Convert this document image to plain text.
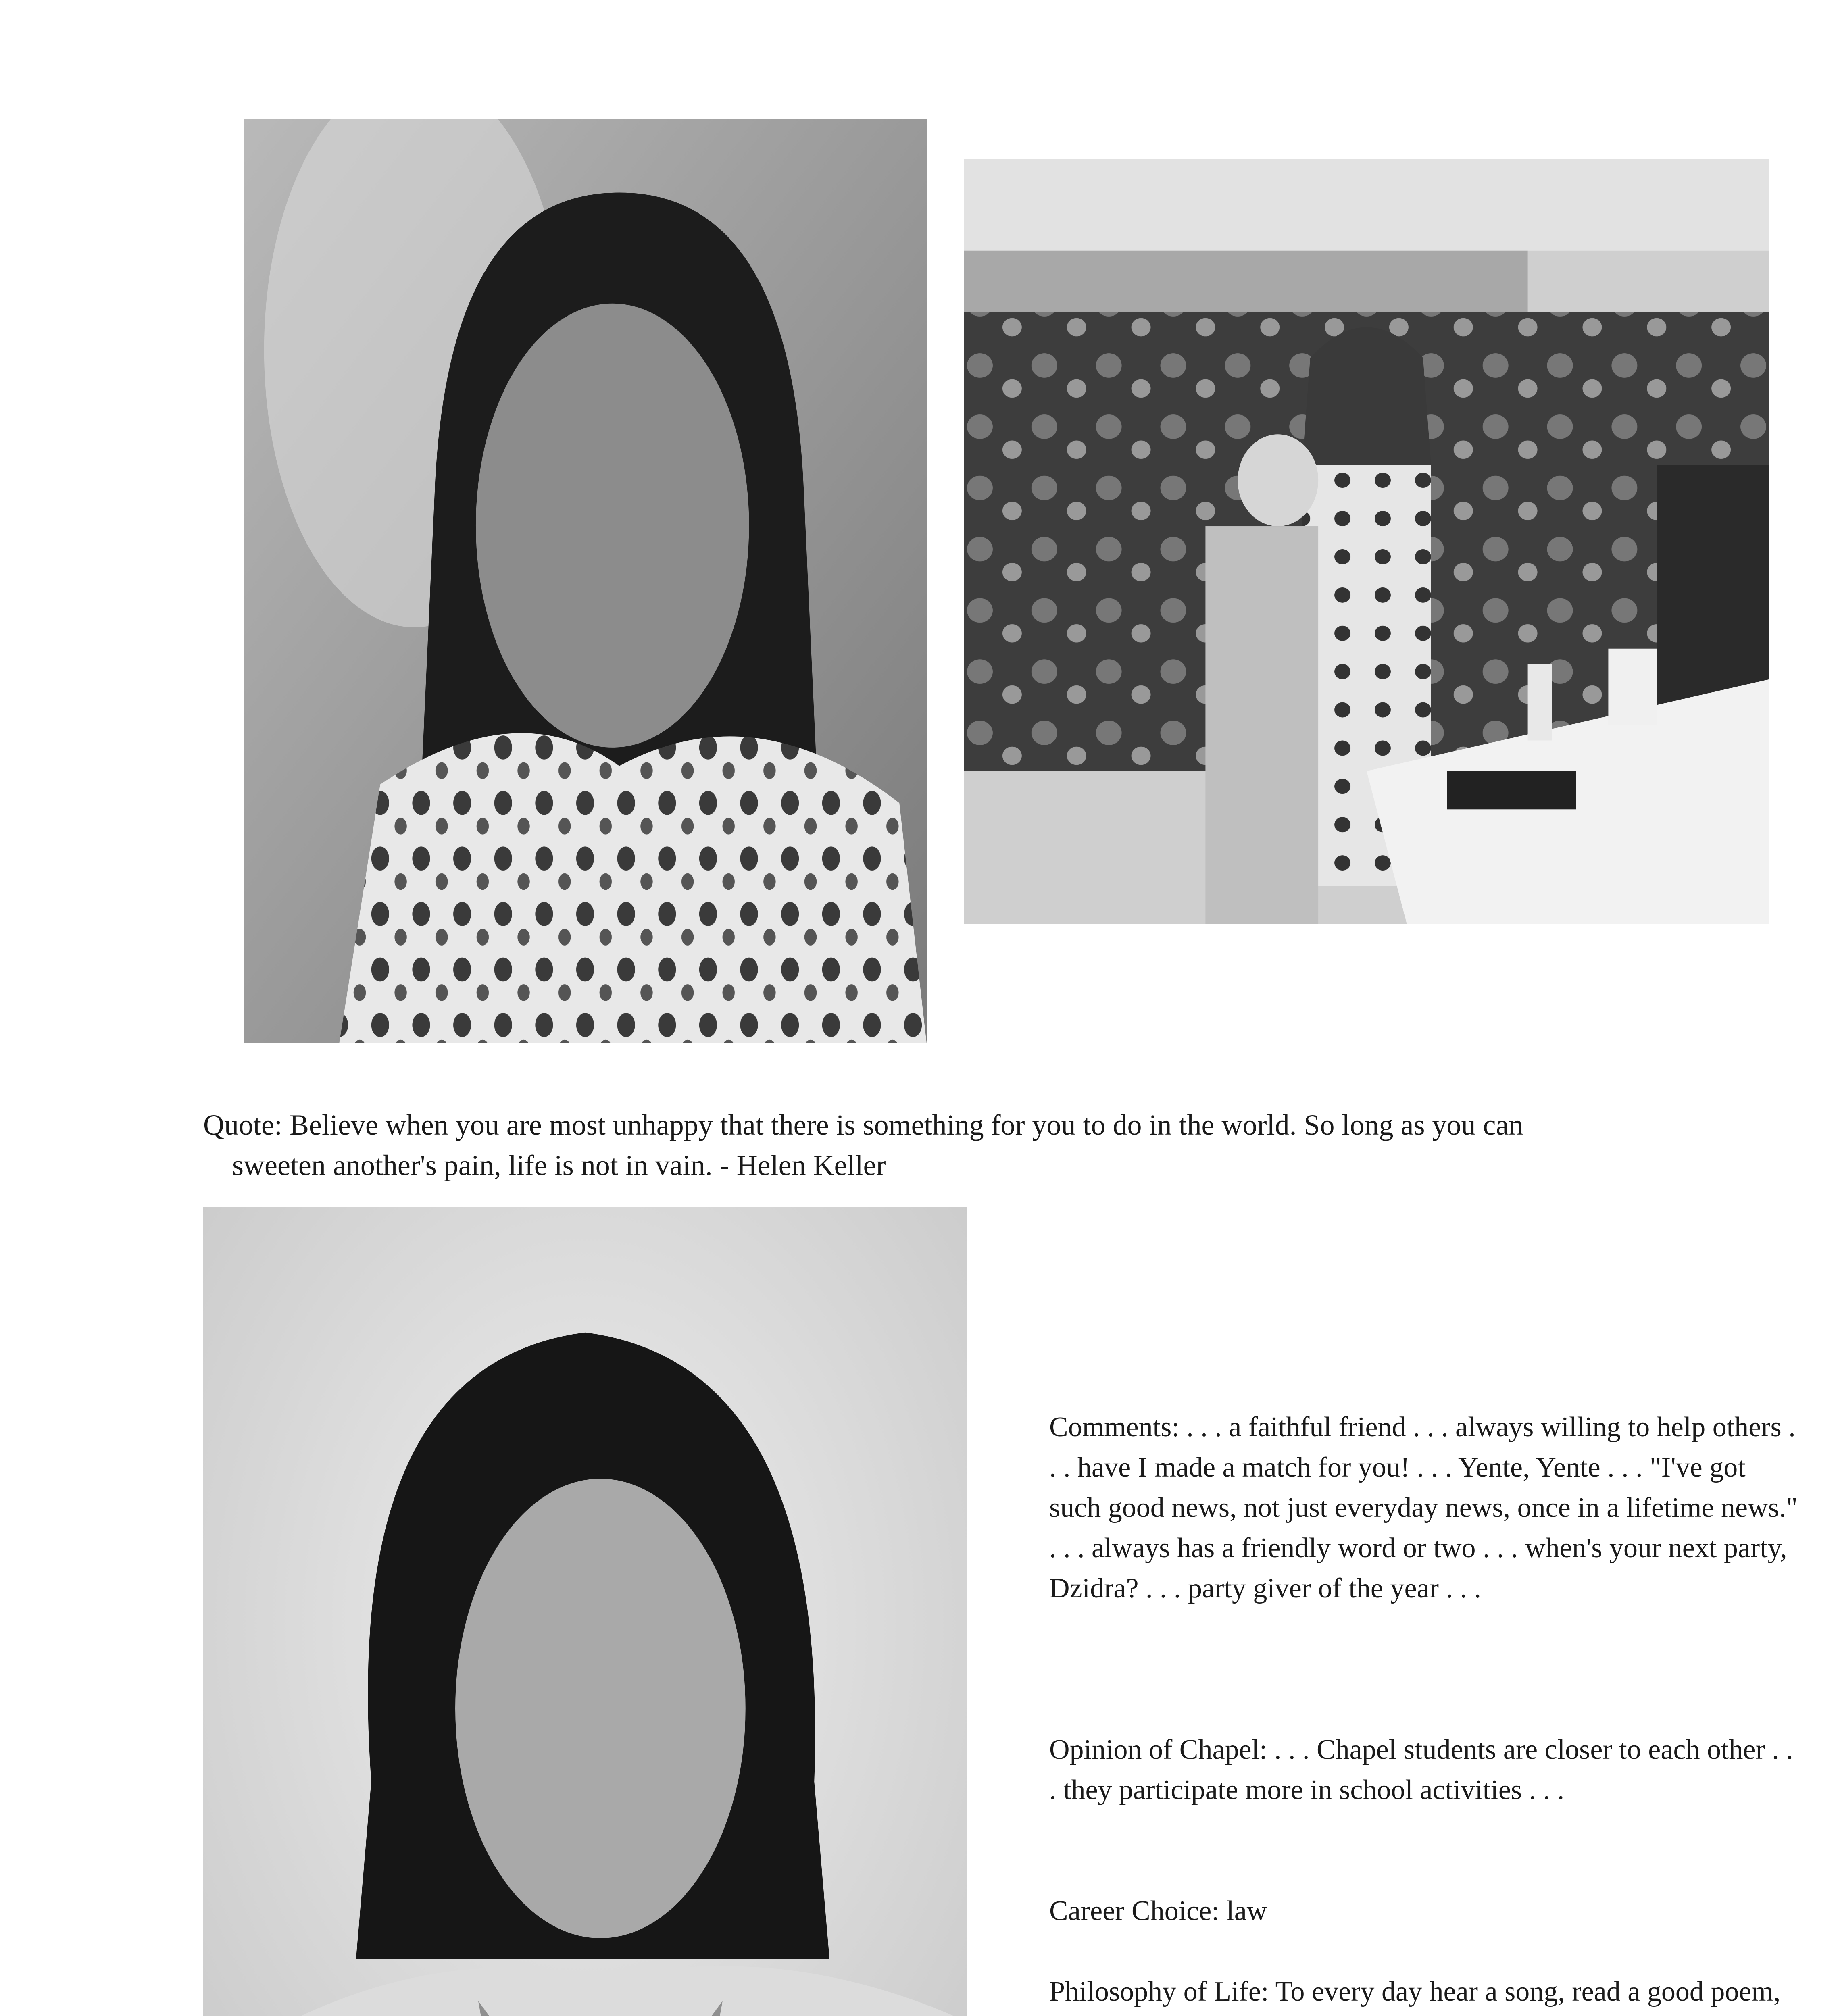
Quote: Believe when you are most unhappy that there is something for you to do in the world. So long as you can
sweeten another's pain, life is not in vain. - Helen Keller

Comments: . . . a faithful friend . . . always willing to help others . . . have I made a match for you! . . . Yente, Yente . . . "I've got such good news, not just everyday news, once in a lifetime news." . . . always has a friendly word or two . . . when's your next party, Dzidra? . . . party giver of the year . . .

Opinion of Chapel: . . . Chapel students are closer to each other . . . they participate more in school activities . . .

Career Choice: law

Philosophy of Life: To every day hear a song, read a good poem,
